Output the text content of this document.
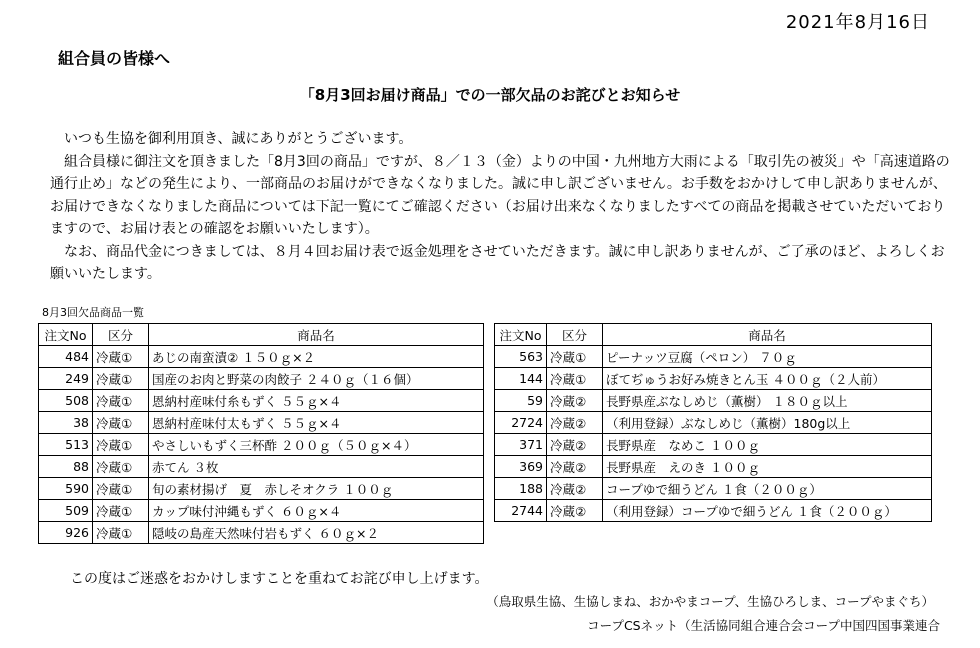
2021年8月16日
組合員の皆様へ
「8月3回お届け商品」での一部欠品のお詫びとお知らせ

　いつも生協を御利用頂き、誠にありがとうございます。

　組合員様に御注文を頂きました「8月3回の商品」ですが、８／１３（金）よりの中国・九州地方大雨による「取引先の被災」や「高速道路の通行止め」などの発生により、一部商品のお届けができなくなりました。誠に申し訳ございません。お手数をおかけして申し訳ありませんが、お届けできなくなりました商品については下記一覧にてご確認ください（お届け出来なくなりましたすべての商品を掲載させていただいておりますので、お届け表との確認をお願いいたします）。

　なお、商品代金につきましては、８月４回お届け表で返金処理をさせていただきます。誠に申し訳ありませんが、ご了承のほど、よろしくお願いいたします。

8月3回欠品商品一覧
注文No	区分	商品名
484	冷蔵①	あじの南蛮漬② １５０ｇ×２
249	冷蔵①	国産のお肉と野菜の肉餃子 ２４０ｇ（１６個）
508	冷蔵①	恩納村産味付糸もずく ５５ｇ×４
38	冷蔵①	恩納村産味付太もずく ５５ｇ×４
513	冷蔵①	やさしいもずく三杯酢 ２００ｇ（５０ｇ×４）
88	冷蔵①	赤てん ３枚
590	冷蔵①	旬の素材揚げ　夏　赤しそオクラ １００ｇ
509	冷蔵①	カップ味付沖縄もずく ６０ｇ×４
926	冷蔵①	隠岐の島産天然味付岩もずく ６０ｇ×２
注文No	区分	商品名
563	冷蔵①	ピーナッツ豆腐（ペロン） ７０ｇ
144	冷蔵①	ぼてぢゅうお好み焼きとん玉 ４００ｇ（２人前）
59	冷蔵②	長野県産ぶなしめじ（薫樹） １８０ｇ以上
2724	冷蔵②	（利用登録）ぶなしめじ（薫樹）180g以上
371	冷蔵②	長野県産　なめこ １００ｇ
369	冷蔵②	長野県産　えのき １００ｇ
188	冷蔵②	コープゆで細うどん １食（２００ｇ）
2744	冷蔵②	（利用登録）コープゆで細うどん １食（２００ｇ）
この度はご迷惑をおかけしますことを重ねてお詫び申し上げます。
（鳥取県生協、生協しまね、おかやまコープ、生協ひろしま、コープやまぐち）
コープCSネット（生活協同組合連合会コープ中国四国事業連合
